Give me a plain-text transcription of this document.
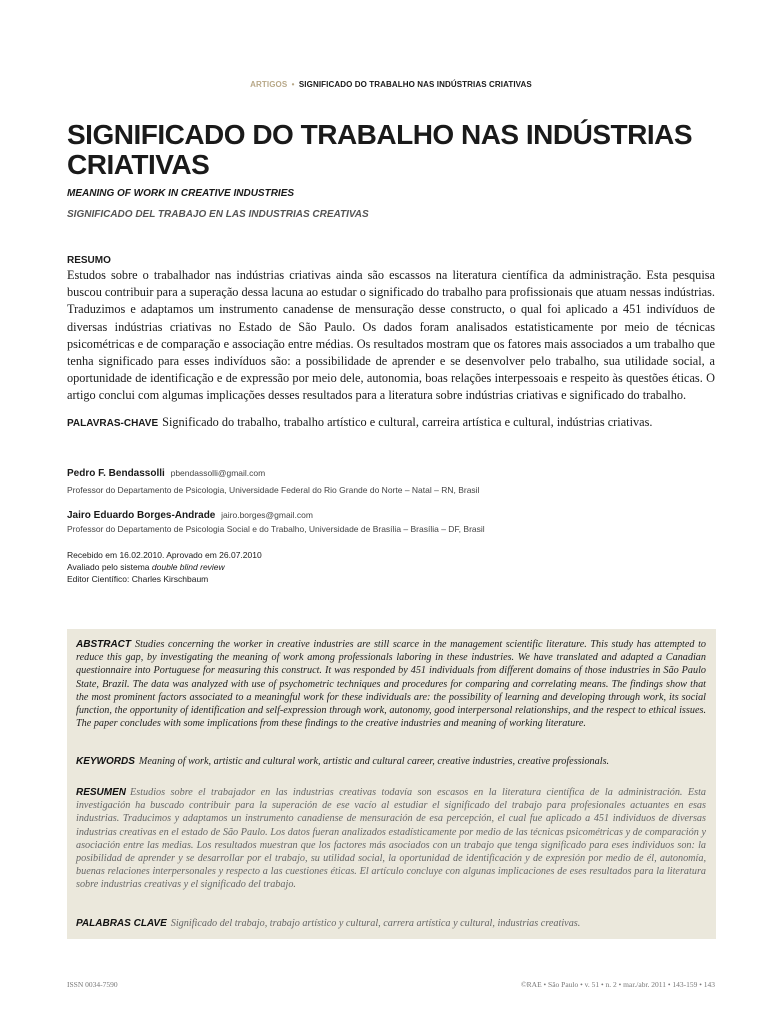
ARTIGOS • SIGNIFICADO DO TRABALHO NAS INDÚSTRIAS CRIATIVAS
SIGNIFICADO DO TRABALHO NAS INDÚSTRIAS CRIATIVAS

MEANING OF WORK IN CREATIVE INDUSTRIES

SIGNIFICADO DEL TRABAJO EN LAS INDUSTRIAS CREATIVAS

RESUMO

Estudos sobre o trabalhador nas indústrias criativas ainda são escassos na literatura científica da administração. Esta pesquisa buscou contribuir para a superação dessa lacuna ao estudar o significado do trabalho para profissionais que atuam nessas indústrias. Traduzimos e adaptamos um instrumento canadense de mensuração desse constructo, o qual foi aplicado a 451 indivíduos de diversas indústrias criativas no Estado de São Paulo. Os dados foram analisados estatisticamente por meio de técnicas psicométricas e de comparação e associação entre médias. Os resultados mostram que os fatores mais associados a um trabalho que tenha significado para esses indivíduos são: a possibilidade de aprender e se desenvolver pelo trabalho, sua utilidade social, a oportunidade de identificação e de expressão por meio dele, autonomia, boas relações interpessoais e respeito às questões éticas. O artigo conclui com algumas implicações desses resultados para a literatura sobre indústrias criativas e significado do trabalho.

PALAVRAS-CHAVE Significado do trabalho, trabalho artístico e cultural, carreira artística e cultural, indústrias criativas.

Pedro F. Bendassolli pbendassolli@gmail.com

Professor do Departamento de Psicologia, Universidade Federal do Rio Grande do Norte – Natal – RN, Brasil

Jairo Eduardo Borges-Andrade jairo.borges@gmail.com

Professor do Departamento de Psicologia Social e do Trabalho, Universidade de Brasília – Brasília – DF, Brasil

Recebido em 16.02.2010. Aprovado em 26.07.2010
Avaliado pelo sistema double blind review
Editor Científico: Charles Kirschbaum

ABSTRACT Studies concerning the worker in creative industries are still scarce in the management scientific literature. This study has attempted to reduce this gap, by investigating the meaning of work among professionals laboring in these industries. We have translated and adapted a Canadian questionnaire into Portuguese for measuring this construct. It was responded by 451 individuals from different domains of those industries in São Paulo State, Brazil. The data was analyzed with use of psychometric techniques and procedures for comparing and correlating means. The findings show that the most prominent factors associated to a meaningful work for these individuals are: the possibility of learning and developing through work, its social function, the opportunity of identification and self-expression through work, autonomy, good interpersonal relationships, and the respect to ethical issues. The paper concludes with some implications from these findings to the creative industries and meaning of working literature.

KEYWORDS Meaning of work, artistic and cultural work, artistic and cultural career, creative industries, creative professionals.

RESUMEN Estudios sobre el trabajador en las industrias creativas todavía son escasos en la literatura científica de la administración. Esta investigación ha buscado contribuir para la superación de ese vacío al estudiar el significado del trabajo para profesionales actuantes en esas industrias. Traducimos y adaptamos un instrumento canadiense de mensuración de esa percepción, el cual fue aplicado a 451 individuos de diversas industrias creativas en el estado de São Paulo. Los datos fueran analizados estadísticamente por medio de las técnicas psicométricas y de comparación y asociación entre las medias. Los resultados muestran que los factores más asociados con un trabajo que tenga significado para eses individuos son: la posibilidad de aprender y se desarrollar por el trabajo, su utilidad social, la oportunidad de identificación y de expresión por medio de él, autonomía, buenas relaciones interpersonales y respecto a las cuestiones éticas. El artículo concluye con algunas implicaciones de eses resultados para la literatura sobre industrias creativas y el significado del trabajo.

PALABRAS CLAVE Significado del trabajo, trabajo artístico y cultural, carrera artística y cultural, industrias creativas.

ISSN 0034-7590	©RAE • São Paulo • v. 51 • n. 2 • mar./abr. 2011 • 143-159 • 143
